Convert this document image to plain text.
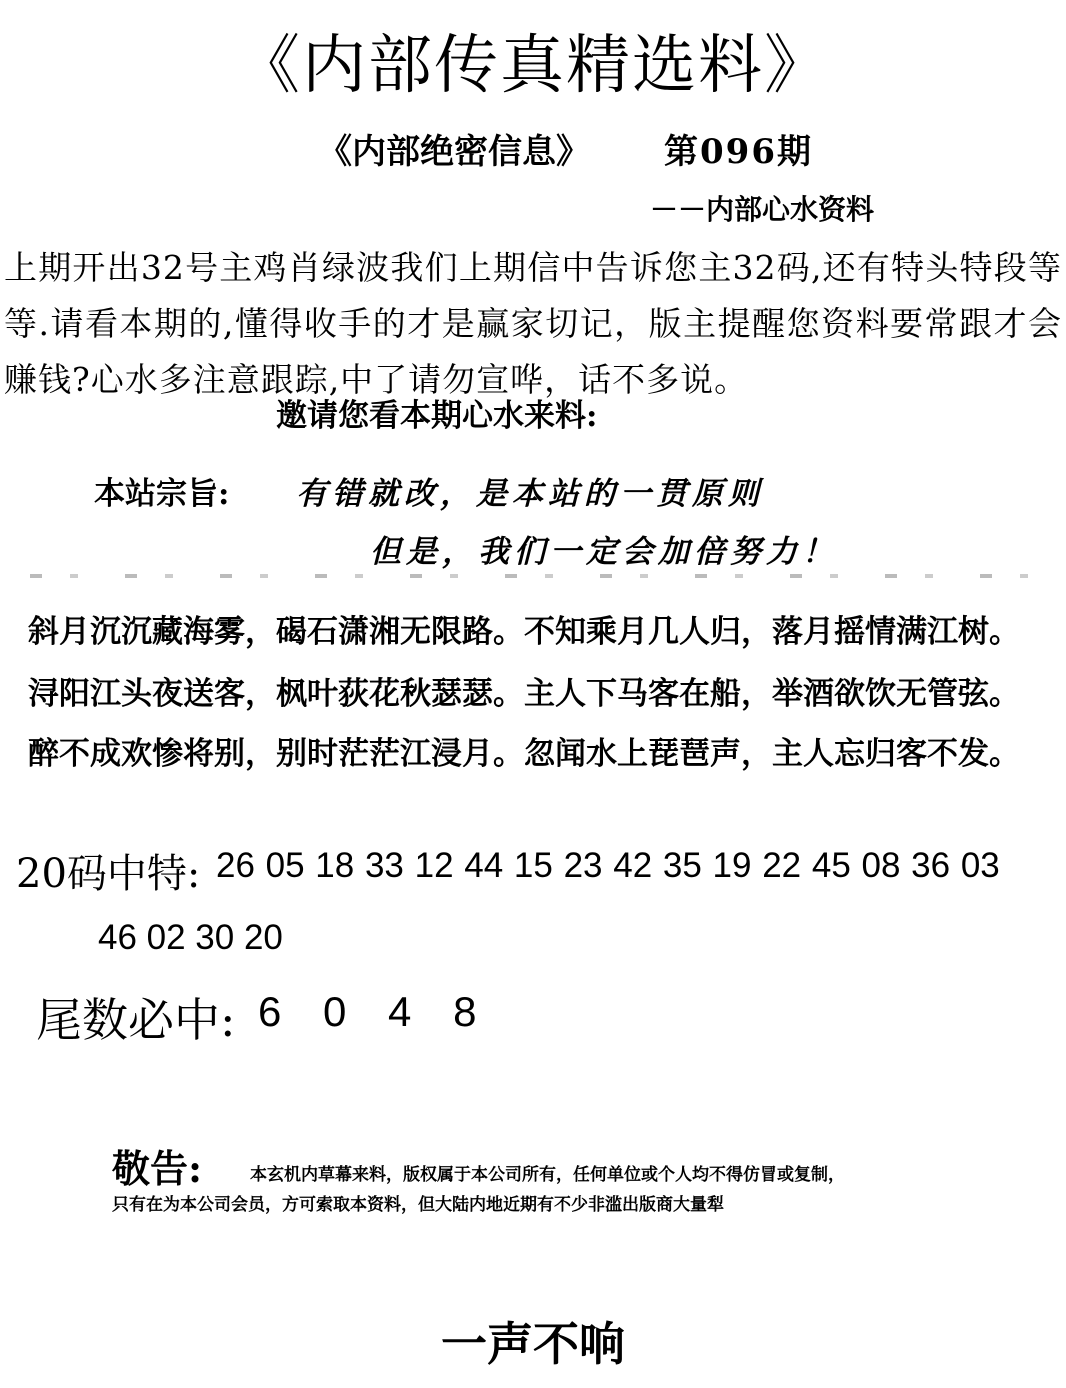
《内部传真精选料》
《内部绝密信息》 第096期
－－内部心水资料
上期开出32号主鸡肖绿波我们上期信中告诉您主32码,还有特头特段等等.请看本期的,懂得收手的才是赢家切记，版主提醒您资料要常跟才会赚钱?心水多注意跟踪,中了请勿宣哗，话不多说。
邀请您看本期心水来料:
本站宗旨: 有错就改，是本站的一贯原则
但是，我们一定会加倍努力！
斜月沉沉藏海雾，碣石潇湘无限路。不知乘月几人归，落月摇情满江树。
浔阳江头夜送客，枫叶荻花秋瑟瑟。主人下马客在船，举酒欲饮无管弦。
醉不成欢惨将别，别时茫茫江浸月。忽闻水上琵琶声，主人忘归客不发。
20码中特: 26 05 18 33 12 44 15 23 42 35 19 22 45 08 36 03
46 02 30 20
尾数必中: 6 0 4 8
敬告:	本玄机内草幕来料，版权属于本公司所有，任何单位或个人均不得仿冒或复制，
只有在为本公司会员，方可索取本资料，但大陆内地近期有不少非滥出版商大量犁
一声不响
